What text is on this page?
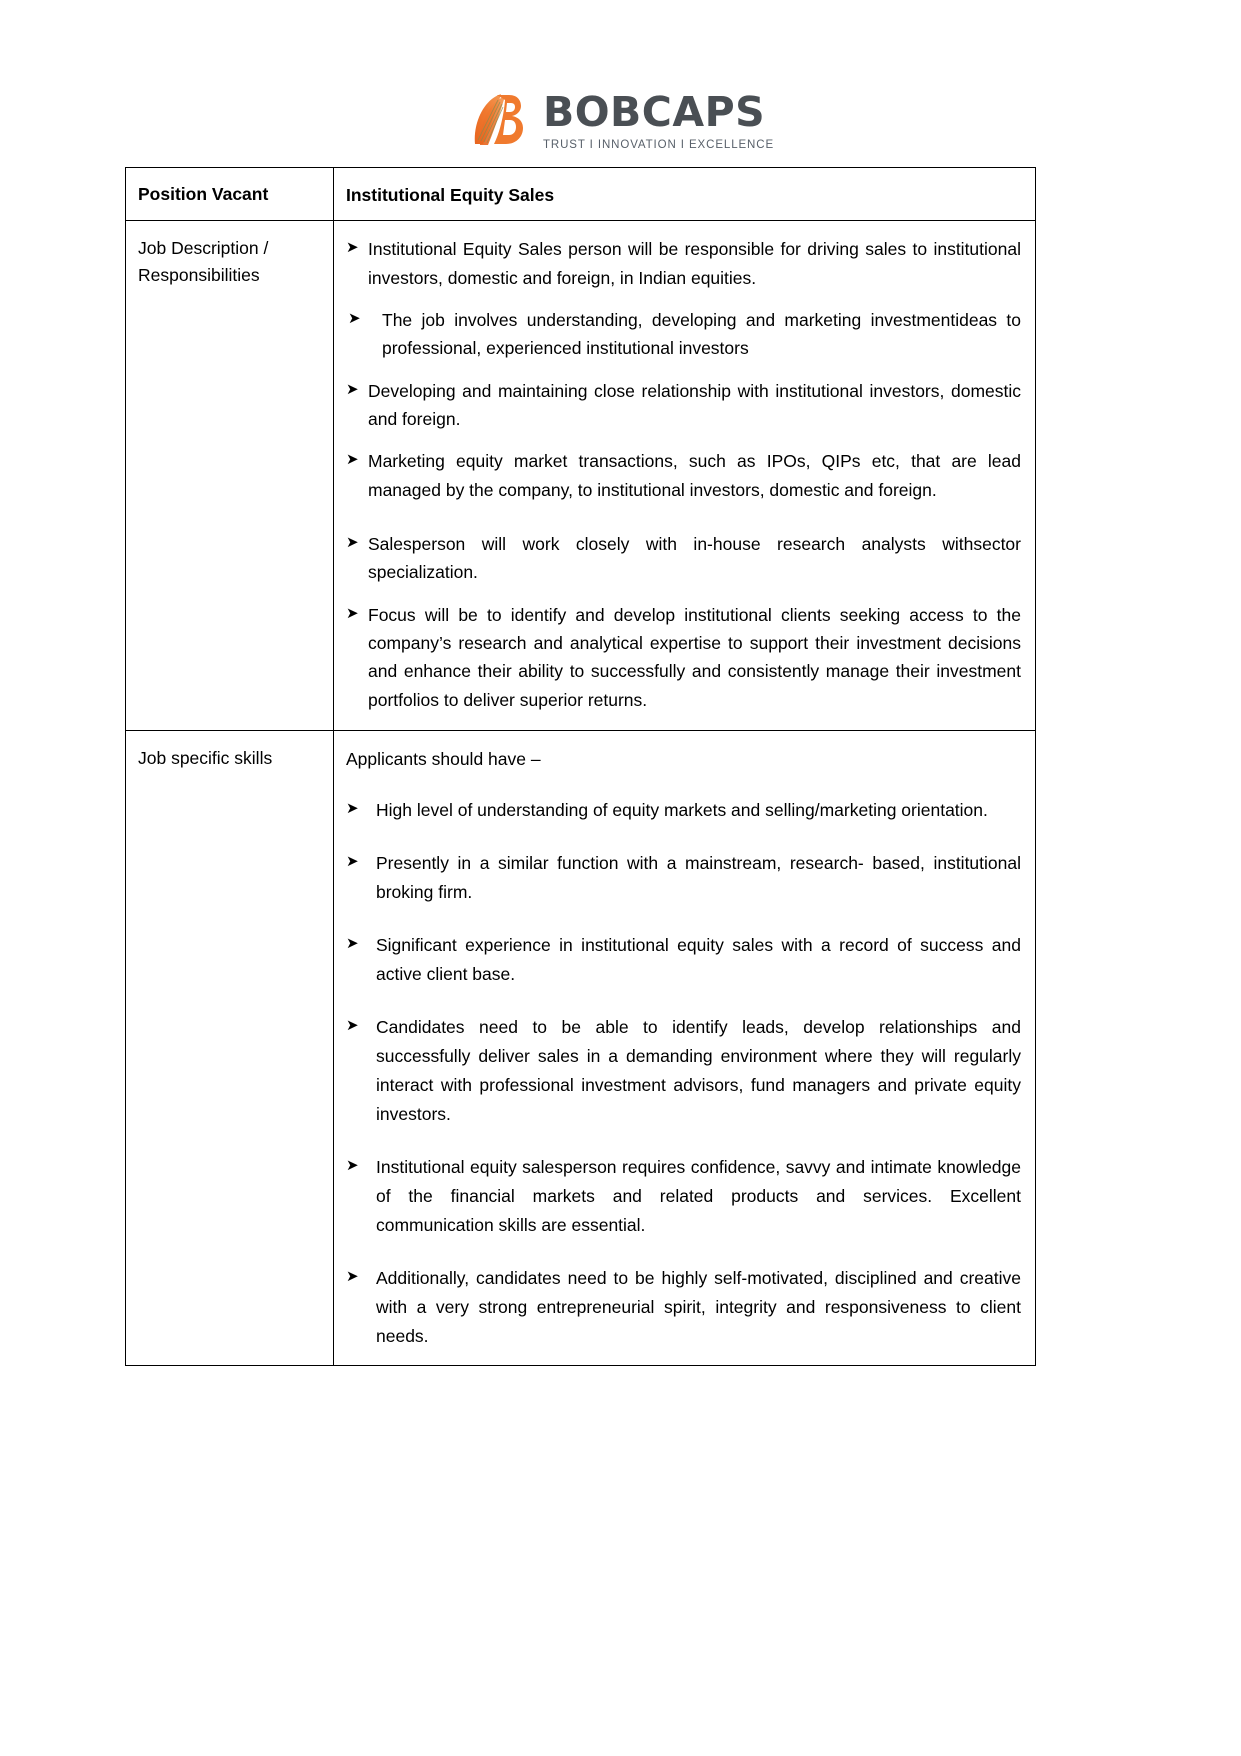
BOBCAPS
TRUST I INNOVATION I EXCELLENCE
Position Vacant	Institutional Equity Sales

Job Description / Responsibilities

➤ Institutional Equity Sales person will be responsible for driving sales to institutional investors, domestic and foreign, in Indian equities.
➤ The job involves understanding, developing and marketing investmentideas to professional, experienced institutional investors
➤ Developing and maintaining close relationship with institutional investors, domestic and foreign.
➤ Marketing equity market transactions, such as IPOs, QIPs etc, that are lead managed by the company, to institutional investors, domestic and foreign.
➤ Salesperson will work closely with in-house research analysts withsector specialization.
➤ Focus will be to identify and develop institutional clients seeking access to the company’s research and analytical expertise to support their investment decisions and enhance their ability to successfully and consistently manage their investment portfolios to deliver superior returns.

Job specific skills	Applicants should have –

➤ High level of understanding of equity markets and selling/marketing orientation.
➤ Presently in a similar function with a mainstream, research- based, institutional broking firm.
➤ Significant experience in institutional equity sales with a record of success and active client base.
➤ Candidates need to be able to identify leads, develop relationships and successfully deliver sales in a demanding environment where they will regularly interact with professional investment advisors, fund managers and private equity investors.
➤ Institutional equity salesperson requires confidence, savvy and intimate knowledge of the financial markets and related products and services. Excellent communication skills are essential.
➤ Additionally, candidates need to be highly self-motivated, disciplined and creative with a very strong entrepreneurial spirit, integrity and responsiveness to client needs.
